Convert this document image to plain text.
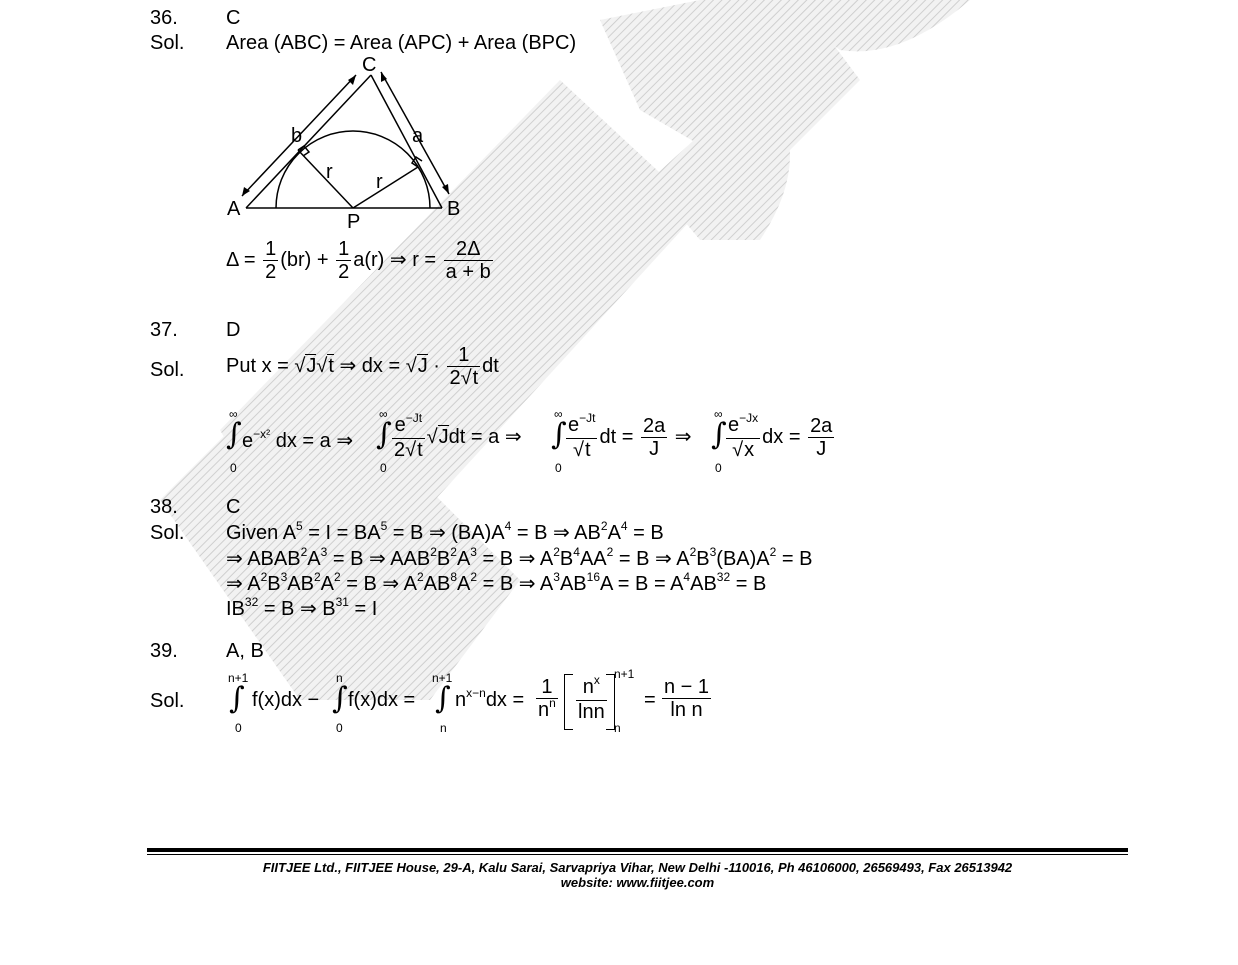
36. C
Sol. Area (ABC) = Area (APC) + Area (BPC)
C
A	B
P
a
b
r r
$\Delta = \frac{1}{2} (br) + \frac{1}{2} a(r)$ ⇒ $r = \frac{2\Delta}{a + b}$
37. D
Sol. Put x = √J√t ⇒ dx = $√J \cdot \frac{1}{2√t}$ dt
∞
∫
0
$e^{-x^2}$ dx = a ⇒
∞
∫
0
$\frac{e^{-Jt}}{2√t} √Jdt = a$ ⇒
∞
∫
0
$\frac{e^{-Jt}}{√t}$ dt = $\frac{2a}{J}$ ⇒
∞
∫
0
$\frac{e^{-Jx}}{√x}$ dx = $\frac{2a}{J}$
38. C
Sol. Given $A^5 = I = BA^5 = B$ ⇒ $(BA)A^4 = B$ ⇒ $AB^2A^4 = B$
⇒ $ABAB^2A^3 = B$ ⇒ $AAB^2B^2A^3 = B$ ⇒ $A^2B^4AA^2 = B$ ⇒ $A^2B^3(BA)A^2 = B$
⇒ $A^2B^3AB^2A^2 = B$ ⇒ $A^2AB^8A^2 = B$ ⇒ $A^3AB^{16}A = B = A^4AB^{32} = B$
$IB^{32} = B$ ⇒ $B^{31} = I$
39. A, B
Sol.
n+1
∫
0
f(x)dx −
n
∫
0
f(x)dx =
n+1
∫
n
$n^{x-n}dx = \frac{1}{n^n} \frac{n^x}{\ln n}$
n+1
n
= $\frac{n - 1}{\text{ln n}}$
FIITJEE Ltd., FIITJEE House, 29-A, Kalu Sarai, Sarvapriya Vihar, New Delhi -110016, Ph 46106000, 26569493, Fax 26513942
website: www.fiitjee.com
